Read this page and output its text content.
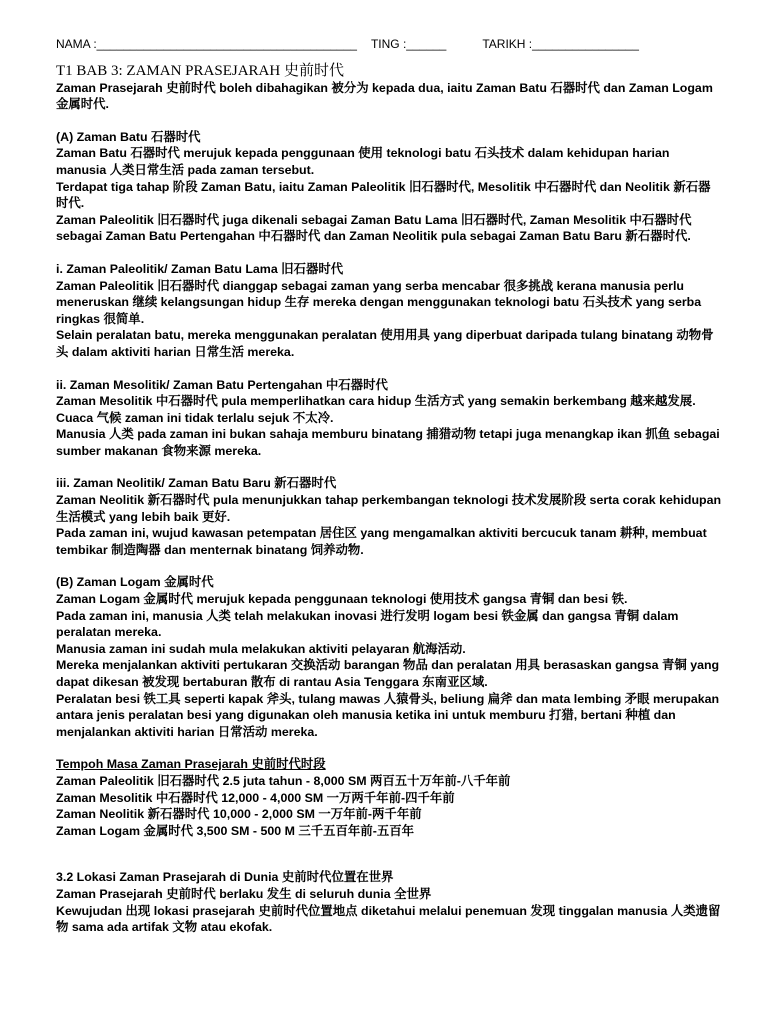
NAMA :_______________________________________ TING :______	TARIKH :________________

T1 BAB 3: ZAMAN PRASEJARAH 史前时代

Zaman Prasejarah 史前时代 boleh dibahagikan 被分为 kepada dua, iaitu Zaman Batu 石器时代 dan Zaman Logam 金属时代.

(A) Zaman Batu 石器时代

Zaman Batu 石器时代 merujuk kepada penggunaan 使用 teknologi batu 石头技术 dalam kehidupan harian manusia 人类日常生活 pada zaman tersebut.

Terdapat tiga tahap 阶段 Zaman Batu, iaitu Zaman Paleolitik 旧石器时代, Mesolitik 中石器时代 dan Neolitik 新石器时代.

Zaman Paleolitik 旧石器时代 juga dikenali sebagai Zaman Batu Lama 旧石器时代, Zaman Mesolitik 中石器时代 sebagai Zaman Batu Pertengahan 中石器时代 dan Zaman Neolitik pula sebagai Zaman Batu Baru 新石器时代.

i. Zaman Paleolitik/ Zaman Batu Lama 旧石器时代

Zaman Paleolitik 旧石器时代 dianggap sebagai zaman yang serba mencabar 很多挑战 kerana manusia perlu meneruskan 继续 kelangsungan hidup 生存 mereka dengan menggunakan teknologi batu 石头技术 yang serba ringkas 很简单.

Selain peralatan batu, mereka menggunakan peralatan 使用用具 yang diperbuat daripada tulang binatang 动物骨头 dalam aktiviti harian 日常生活 mereka.

ii. Zaman Mesolitik/ Zaman Batu Pertengahan 中石器时代

Zaman Mesolitik 中石器时代 pula memperlihatkan cara hidup 生活方式 yang semakin berkembang 越来越发展.

Cuaca 气候 zaman ini tidak terlalu sejuk 不太冷.

Manusia 人类 pada zaman ini bukan sahaja memburu binatang 捕猎动物 tetapi juga menangkap ikan 抓鱼 sebagai sumber makanan 食物来源 mereka.

iii. Zaman Neolitik/ Zaman Batu Baru 新石器时代

Zaman Neolitik 新石器时代 pula menunjukkan tahap perkembangan teknologi 技术发展阶段 serta corak kehidupan 生活模式 yang lebih baik 更好.

Pada zaman ini, wujud kawasan petempatan 居住区 yang mengamalkan aktiviti bercucuk tanam 耕种, membuat tembikar 制造陶器 dan menternak binatang 饲养动物.

(B) Zaman Logam 金属时代

Zaman Logam 金属时代 merujuk kepada penggunaan teknologi 使用技术 gangsa 青铜 dan besi 铁.

Pada zaman ini, manusia 人类 telah melakukan inovasi 进行发明 logam besi 铁金属 dan gangsa 青铜 dalam peralatan mereka.

Manusia zaman ini sudah mula melakukan aktiviti pelayaran 航海活动.

Mereka menjalankan aktiviti pertukaran 交换活动 barangan 物品 dan peralatan 用具 berasaskan gangsa 青铜 yang dapat dikesan 被发现 bertaburan 散布 di rantau Asia Tenggara 东南亚区域.

Peralatan besi 铁工具 seperti kapak 斧头, tulang mawas 人猿骨头, beliung 扁斧 dan mata lembing 矛眼 merupakan antara jenis peralatan besi yang digunakan oleh manusia ketika ini untuk memburu 打猎, bertani 种植 dan menjalankan aktiviti harian 日常活动 mereka.

Tempoh Masa Zaman Prasejarah 史前时代时段

Zaman Paleolitik 旧石器时代 2.5 juta tahun - 8,000 SM 两百五十万年前-八千年前

Zaman Mesolitik 中石器时代 12,000 - 4,000 SM 一万两千年前-四千年前

Zaman Neolitik 新石器时代 10,000 - 2,000 SM 一万年前-两千年前

Zaman Logam 金属时代 3,500 SM - 500 M 三千五百年前-五百年

3.2 Lokasi Zaman Prasejarah di Dunia 史前时代位置在世界

Zaman Prasejarah 史前时代 berlaku 发生 di seluruh dunia 全世界

Kewujudan 出现 lokasi prasejarah 史前时代位置地点 diketahui melalui penemuan 发现 tinggalan manusia 人类遗留物 sama ada artifak 文物 atau ekofak.
